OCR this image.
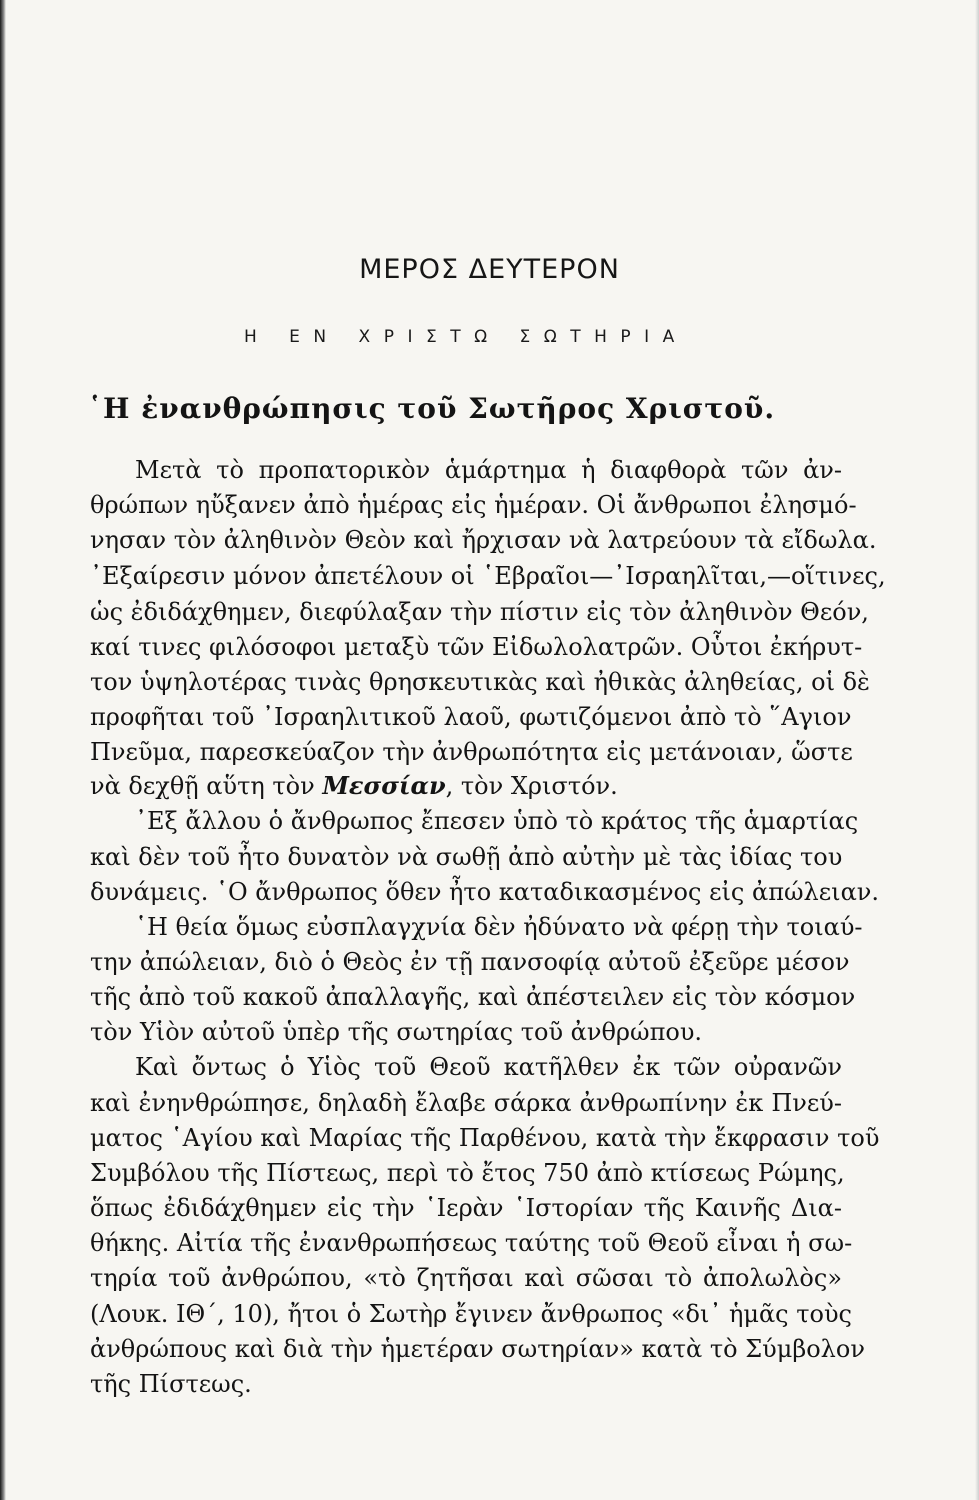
ΜΕΡΟΣ ΔΕΥΤΕΡΟΝ
Η ΕΝ ΧΡΙΣΤΩ ΣΩΤΗΡΙΑ
῾Η ἐνανθρώπησις τοῦ Σωτῆρος Χριστοῦ.
Μετὰ τὸ προπατορικὸν ἁμάρτημα ἡ διαφθορὰ τῶν ἀν-
θρώπων ηὔξανεν ἀπὸ ἡμέρας εἰς ἡμέραν. Οἱ ἄνθρωποι ἐλησμό-
νησαν τὸν ἀληθινὸν Θεὸν καὶ ἤρχισαν νὰ λατρεύουν τὰ εἴδωλα.
᾿Εξαίρεσιν μόνον ἀπετέλουν οἱ ῾Εβραῖοι—᾿Ισραηλῖται,—οἵτινες,
ὡς ἐδιδάχθημεν, διεφύλαξαν τὴν πίστιν εἰς τὸν ἀληθινὸν Θεόν,
καί τινες φιλόσοφοι μεταξὺ τῶν Εἰδωλολατρῶν. Οὗτοι ἐκήρυτ-
τον ὑψηλοτέρας τινὰς θρησκευτικὰς καὶ ἠθικὰς ἀληθείας, οἱ δὲ
προφῆται τοῦ ᾿Ισραηλιτικοῦ λαοῦ, φωτιζόμενοι ἀπὸ τὸ ῞Αγιον
Πνεῦμα, παρεσκεύαζον τὴν ἀνθρωπότητα εἰς μετάνοιαν, ὥστε
νὰ δεχθῇ αὕτη τὸν Μεσσίαν, τὸν Χριστόν.
᾿Εξ ἄλλου ὁ ἄνθρωπος ἔπεσεν ὑπὸ τὸ κράτος τῆς ἁμαρτίας
καὶ δὲν τοῦ ἦτο δυνατὸν νὰ σωθῇ ἀπὸ αὐτὴν μὲ τὰς ἰδίας του
δυνάμεις. ῾Ο ἄνθρωπος ὅθεν ἦτο καταδικασμένος εἰς ἀπώλειαν.
῾Η θεία ὅμως εὐσπλαγχνία δὲν ἠδύνατο νὰ φέρῃ τὴν τοιαύ-
την ἀπώλειαν, διὸ ὁ Θεὸς ἐν τῇ πανσοφίᾳ αὐτοῦ ἐξεῦρε μέσον
τῆς ἀπὸ τοῦ κακοῦ ἀπαλλαγῆς, καὶ ἀπέστειλεν εἰς τὸν κόσμον
τὸν Υἱὸν αὐτοῦ ὑπὲρ τῆς σωτηρίας τοῦ ἀνθρώπου.
Καὶ ὄντως ὁ Υἱὸς τοῦ Θεοῦ κατῆλθεν ἐκ τῶν οὐρανῶν
καὶ ἐνηνθρώπησε, δηλαδὴ ἔλαβε σάρκα ἀνθρωπίνην ἐκ Πνεύ-
ματος ῾Αγίου καὶ Μαρίας τῆς Παρθένου, κατὰ τὴν ἔκφρασιν τοῦ
Συμβόλου τῆς Πίστεως, περὶ τὸ ἔτος 750 ἀπὸ κτίσεως Ρώμης,
ὅπως ἐδιδάχθημεν εἰς τὴν ῾Ιερὰν ῾Ιστορίαν τῆς Καινῆς Δια-
θήκης. Αἰτία τῆς ἐνανθρωπήσεως ταύτης τοῦ Θεοῦ εἶναι ἡ σω-
τηρία τοῦ ἀνθρώπου, «τὸ ζητῆσαι καὶ σῶσαι τὸ ἀπολωλὸς»
(Λουκ. ΙΘ΄, 10), ἤτοι ὁ Σωτὴρ ἔγινεν ἄνθρωπος «δι᾿ ἡμᾶς τοὺς
ἀνθρώπους καὶ διὰ τὴν ἡμετέραν σωτηρίαν» κατὰ τὸ Σύμβολον
τῆς Πίστεως.
